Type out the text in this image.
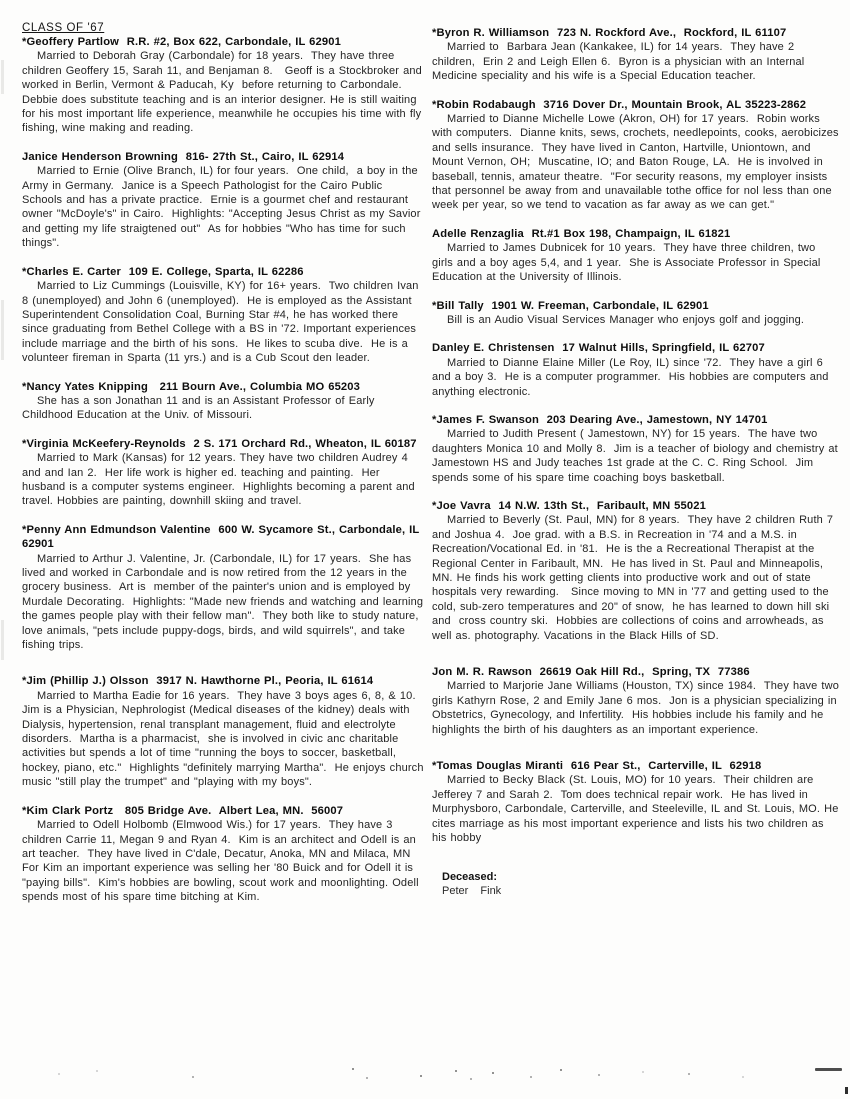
CLASS OF '67

*Geoffery Partlow  R.R. #2, Box 622, Carbondale, IL 62901

Married to Deborah Gray (Carbondale) for 18 years.  They have three children Geoffery 15, Sarah 11, and Benjaman 8.   Geoff is a Stockbroker and worked in Berlin, Vermont & Paducah, Ky  before returning to Carbondale.  Debbie does substitute teaching and is an interior designer. He is still waiting for his most important life experience, meanwhile he occupies his time with fly fishing, wine making and reading.

Janice Henderson Browning  816- 27th St., Cairo, IL 62914

Married to Ernie (Olive Branch, IL) for four years.  One child,  a boy in the Army in Germany.  Janice is a Speech Pathologist for the Cairo Public Schools and has a private practice.  Ernie is a gourmet chef and restaurant owner "McDoyle's" in Cairo.  Highlights: "Accepting Jesus Christ as my Savior and getting my life straigtened out"  As for hobbies "Who has time for such things".

*Charles E. Carter  109 E. College, Sparta, IL 62286

Married to Liz Cummings (Louisville, KY) for 16+ years.  Two children Ivan 8 (unemployed) and John 6 (unemployed).  He is employed as the Assistant Superintendent Consolidation Coal, Burning Star #4, he has worked there since graduating from Bethel College with a BS in '72. Important experiences include marriage and the birth of his sons.  He likes to scuba dive.  He is a volunteer fireman in Sparta (11 yrs.) and is a Cub Scout den leader.

*Nancy Yates Knipping   211 Bourn Ave., Columbia MO 65203

She has a son Jonathan 11 and is an Assistant Professor of Early Childhood Education at the Univ. of Missouri.

*Virginia McKeefery-Reynolds  2 S. 171 Orchard Rd., Wheaton, IL 60187

Married to Mark (Kansas) for 12 years. They have two children Audrey 4 and and Ian 2.  Her life work is higher ed. teaching and painting.  Her husband is a computer systems engineer.  Highlights becoming a parent and travel. Hobbies are painting, downhill skiing and travel.

*Penny Ann Edmundson Valentine  600 W. Sycamore St., Carbondale, IL  62901

Married to Arthur J. Valentine, Jr. (Carbondale, IL) for 17 years.  She has lived and worked in Carbondale and is now retired from the 12 years in the grocery business.  Art is  member of the painter's union and is employed by Murdale Decorating.  Highlights: "Made new friends and watching and learning the games people play with their fellow man".  They both like to study nature, love animals, "pets include puppy-dogs, birds, and wild squirrels", and take fishing trips.

*Jim (Phillip J.) Olsson  3917 N. Hawthorne Pl., Peoria, IL 61614

Married to Martha Eadie for 16 years.  They have 3 boys ages 6, 8, & 10. Jim is a Physician, Nephrologist (Medical diseases of the kidney) deals with Dialysis, hypertension, renal transplant management, fluid and electrolyte disorders.  Martha is a pharmacist,  she is involved in civic anc charitable activities but spends a lot of time "running the boys to soccer, basketball, hockey, piano, etc."  Highlights "definitely marrying Martha".  He enjoys church music "still play the trumpet" and "playing with my boys".

*Kim Clark Portz   805 Bridge Ave.  Albert Lea, MN.  56007

Married to Odell Holbomb (Elmwood Wis.) for 17 years.  They have 3 children Carrie 11, Megan 9 and Ryan 4.  Kim is an architect and Odell is an art teacher.  They have lived in C'dale, Decatur, Anoka, MN and Milaca, MN For Kim an important experience was selling her '80 Buick and for Odell it is "paying bills".  Kim's hobbies are bowling, scout work and moonlighting. Odell spends most of his spare time bitching at Kim.

*Byron R. Williamson  723 N. Rockford Ave.,  Rockford, IL 61107

Married to  Barbara Jean (Kankakee, IL) for 14 years.  They have 2 children,  Erin 2 and Leigh Ellen 6.  Byron is a physician with an Internal Medicine speciality and his wife is a Special Education teacher.

*Robin Rodabaugh  3716 Dover Dr., Mountain Brook, AL 35223-2862

Married to Dianne Michelle Lowe (Akron, OH) for 17 years.  Robin works with computers.  Dianne knits, sews, crochets, needlepoints, cooks, aerobicizes and sells insurance.  They have lived in Canton, Hartville, Uniontown, and Mount Vernon, OH;  Muscatine, IO; and Baton Rouge, LA.  He is involved in baseball, tennis, amateur theatre.  "For security reasons, my employer insists that personnel be away from and unavailable tothe office for nol less than one week per year, so we tend to vacation as far away as we can get."

Adelle Renzaglia  Rt.#1 Box 198, Champaign, IL 61821

Married to James Dubnicek for 10 years.  They have three children, two girls and a boy ages 5,4, and 1 year.  She is Associate Professor in Special Education at the University of Illinois.

*Bill Tally  1901 W. Freeman, Carbondale, IL 62901

Bill is an Audio Visual Services Manager who enjoys golf and jogging.

Danley E. Christensen  17 Walnut Hills, Springfield, IL 62707

Married to Dianne Elaine Miller (Le Roy, IL) since '72.  They have a girl 6 and a boy 3.  He is a computer programmer.  His hobbies are computers and anything electronic.

*James F. Swanson  203 Dearing Ave., Jamestown, NY 14701

Married to Judith Present ( Jamestown, NY) for 15 years.  The have two daughters Monica 10 and Molly 8.  Jim is a teacher of biology and chemistry at Jamestown HS and Judy teaches 1st grade at the C. C. Ring School.  Jim spends some of his spare time coaching boys basketball.

*Joe Vavra  14 N.W. 13th St.,  Faribault, MN 55021

Married to Beverly (St. Paul, MN) for 8 years.  They have 2 children Ruth 7 and Joshua 4.  Joe grad. with a B.S. in Recreation in '74 and a M.S. in Recreation/Vocational Ed. in '81.  He is the a Recreational Therapist at the Regional Center in Faribault, MN.  He has lived in St. Paul and Minneapolis, MN. He finds his work getting clients into productive work and out of state hospitals very rewarding.   Since moving to MN in '77 and getting used to the cold, sub-zero temperatures and 20" of snow,  he has learned to down hill ski and  cross country ski.  Hobbies are collections of coins and arrowheads, as well as. photography. Vacations in the Black Hills of SD.

Jon M. R. Rawson  26619 Oak Hill Rd.,  Spring, TX  77386

Married to Marjorie Jane Williams (Houston, TX) since 1984.  They have two girls Kathyrn Rose, 2 and Emily Jane 6 mos.  Jon is a physician specializing in Obstetrics, Gynecology, and Infertility.  His hobbies include his family and he highlights the birth of his daughters as an important experience.

*Tomas Douglas Miranti  616 Pear St.,  Carterville, IL  62918

Married to Becky Black (St. Louis, MO) for 10 years.  Their children are Jefferey 7 and Sarah 2.  Tom does technical repair work.  He has lived in Murphysboro, Carbondale, Carterville, and Steeleville, IL and St. Louis, MO. He cites marriage as his most important experience and lists his two children as his hobby

Deceased:

Peter  Fink
